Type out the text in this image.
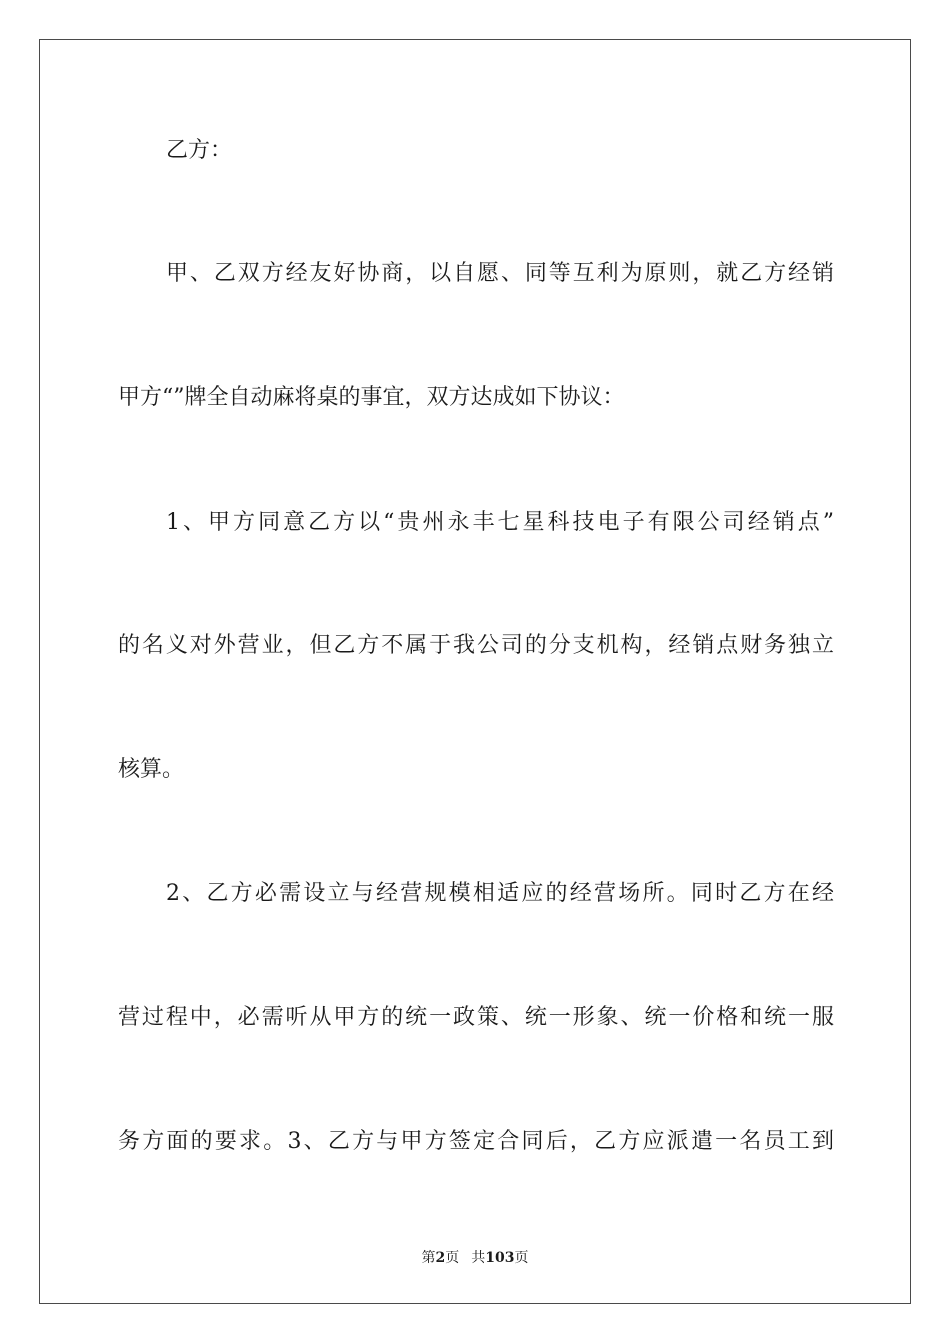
乙方：
甲、乙双方经友好协商，以自愿、同等互利为原则，就乙方经销
甲方“”牌全自动麻将桌的事宜，双方达成如下协议：
1、甲方同意乙方以“贵州永丰七星科技电子有限公司经销点”
的名义对外营业，但乙方不属于我公司的分支机构，经销点财务独立
核算。
2、乙方必需设立与经营规模相适应的经营场所。同时乙方在经
营过程中，必需听从甲方的统一政策、统一形象、统一价格和统一服
务方面的要求。3、乙方与甲方签定合同后，乙方应派遣一名员工到
第2页 共103页
